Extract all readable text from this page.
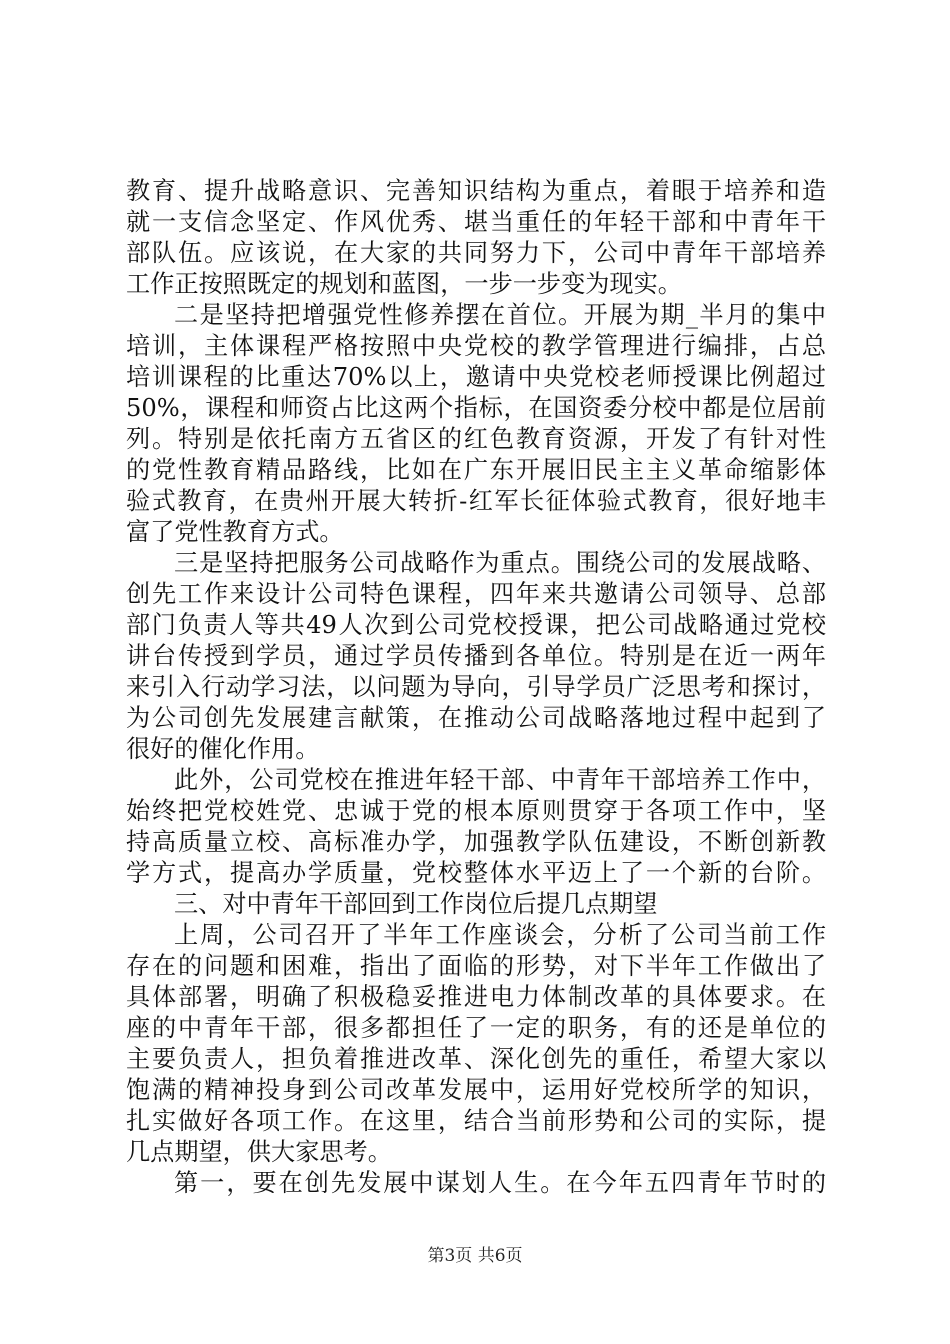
教育、提升战略意识、完善知识结构为重点，着眼于培养和造
就一支信念坚定、作风优秀、堪当重任的年轻干部和中青年干
部队伍。应该说，在大家的共同努力下，公司中青年干部培养
工作正按照既定的规划和蓝图，一步一步变为现实。
二是坚持把增强党性修养摆在首位。开展为期_半月的集中
培训，主体课程严格按照中央党校的教学管理进行编排，占总
培训课程的比重达70%以上，邀请中央党校老师授课比例超过
50%，课程和师资占比这两个指标，在国资委分校中都是位居前
列。特别是依托南方五省区的红色教育资源，开发了有针对性
的党性教育精品路线，比如在广东开展旧民主主义革命缩影体
验式教育，在贵州开展大转折-红军长征体验式教育，很好地丰
富了党性教育方式。
三是坚持把服务公司战略作为重点。围绕公司的发展战略、
创先工作来设计公司特色课程，四年来共邀请公司领导、总部
部门负责人等共49人次到公司党校授课，把公司战略通过党校
讲台传授到学员，通过学员传播到各单位。特别是在近一两年
来引入行动学习法，以问题为导向，引导学员广泛思考和探讨，
为公司创先发展建言献策，在推动公司战略落地过程中起到了
很好的催化作用。
此外，公司党校在推进年轻干部、中青年干部培养工作中，
始终把党校姓党、忠诚于党的根本原则贯穿于各项工作中，坚
持高质量立校、高标准办学，加强教学队伍建设，不断创新教
学方式，提高办学质量，党校整体水平迈上了一个新的台阶。
三、对中青年干部回到工作岗位后提几点期望
上周，公司召开了半年工作座谈会，分析了公司当前工作
存在的问题和困难，指出了面临的形势，对下半年工作做出了
具体部署，明确了积极稳妥推进电力体制改革的具体要求。在
座的中青年干部，很多都担任了一定的职务，有的还是单位的
主要负责人，担负着推进改革、深化创先的重任，希望大家以
饱满的精神投身到公司改革发展中，运用好党校所学的知识，
扎实做好各项工作。在这里，结合当前形势和公司的实际，提
几点期望，供大家思考。
第一，要在创先发展中谋划人生。在今年五四青年节时的
第3页 共6页
